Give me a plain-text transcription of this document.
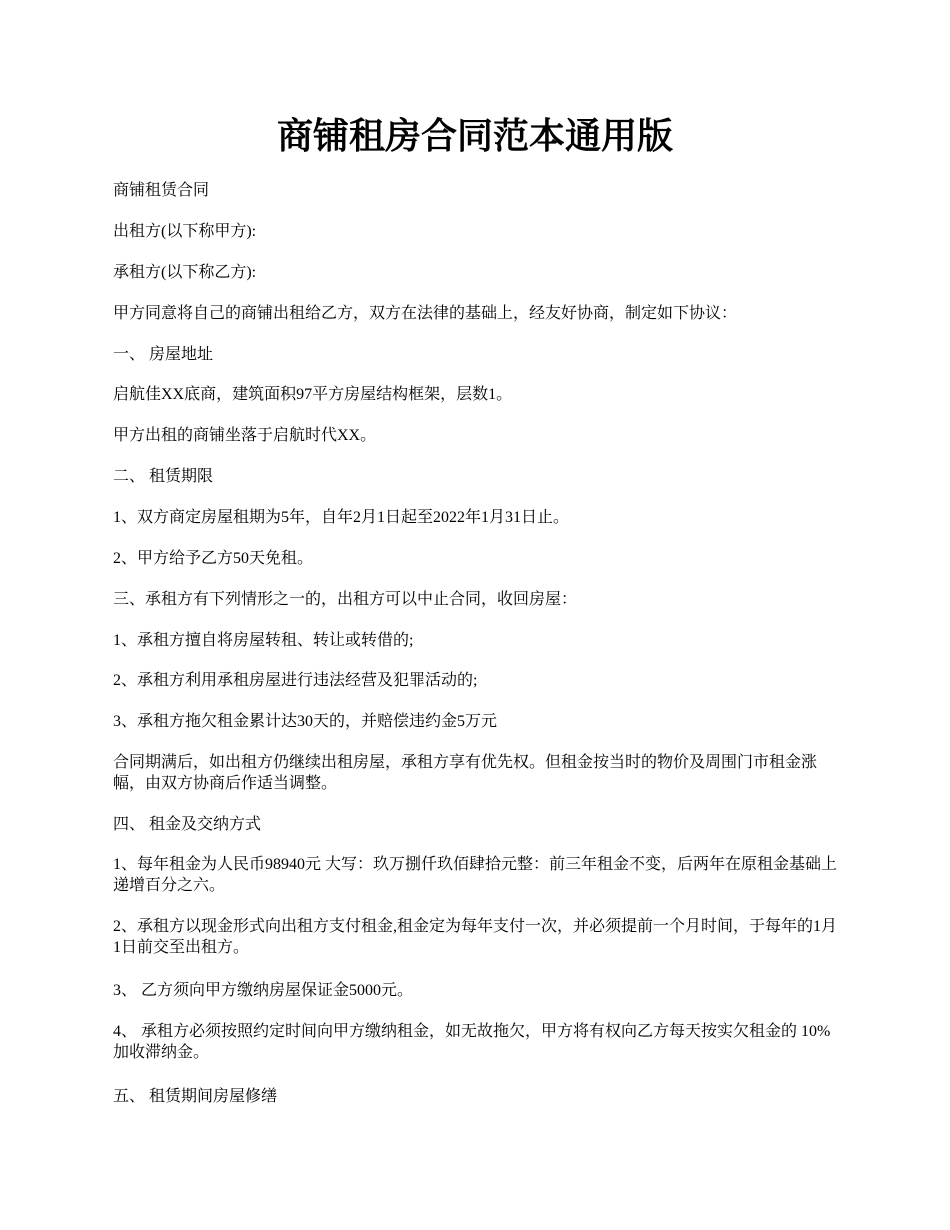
商铺租房合同范本通用版

商铺租赁合同

出租方(以下称甲方):

承租方(以下称乙方):

甲方同意将自己的商铺出租给乙方，双方在法律的基础上，经友好协商，制定如下协议：

一、 房屋地址

启航佳XX底商，建筑面积97平方房屋结构框架，层数1。

甲方出租的商铺坐落于启航时代XX。

二、 租赁期限

1、双方商定房屋租期为5年，自年2月1日起至2022年1月31日止。

2、甲方给予乙方50天免租。

三、承租方有下列情形之一的，出租方可以中止合同，收回房屋：

1、承租方擅自将房屋转租、转让或转借的;

2、承租方利用承租房屋进行违法经营及犯罪活动的;

3、承租方拖欠租金累计达30天的，并赔偿违约金5万元

合同期满后，如出租方仍继续出租房屋，承租方享有优先权。但租金按当时的物价及周围门市租金涨幅，由双方协商后作适当调整。

四、 租金及交纳方式

1、每年租金为人民币98940元 大写：玖万捌仟玖佰肆拾元整：前三年租金不变，后两年在原租金基础上递增百分之六。

2、承租方以现金形式向出租方支付租金,租金定为每年支付一次，并必须提前一个月时间，于每年的1月1日前交至出租方。

3、 乙方须向甲方缴纳房屋保证金5000元。

4、 承租方必须按照约定时间向甲方缴纳租金，如无故拖欠，甲方将有权向乙方每天按实欠租金的 10%加收滞纳金。

五、 租赁期间房屋修缮
